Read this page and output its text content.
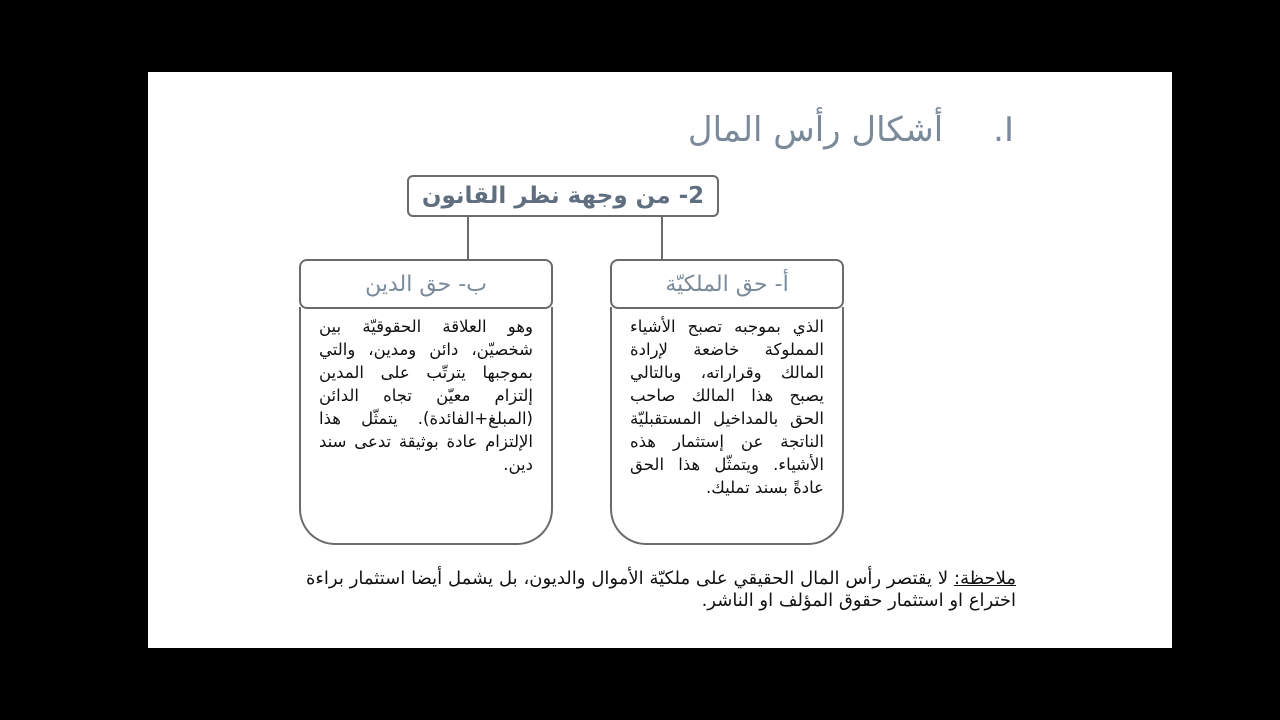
I.أشكال رأس المال
2- من وجهة نظر القانون
أ- حق الملكيّة
الذي بموجبه تصبح الأشياء المملوكة خاضعة لإرادة المالك وقراراته، وبالتالي يصبح هذا المالك صاحب الحق بالمداخيل المستقبليّة الناتجة عن إستثمار هذه الأشياء. ويتمثّل هذا الحق عادةً بسند تمليك.
ب- حق الدين
وهو العلاقة الحقوقيّة بين شخصيّن، دائن ومدين، والتي بموجبها يترتّب على المدين إلتزام معيّن تجاه الدائن (المبلغ+الفائدة). يتمثّل هذا الإلتزام عادة بوثيقة تدعى سند دين.
ملاحظة: لا يقتصر رأس المال الحقيقي على ملكيّة الأموال والديون، بل يشمل أيضا استثمار براءة اختراع او استثمار حقوق المؤلف او الناشر.
